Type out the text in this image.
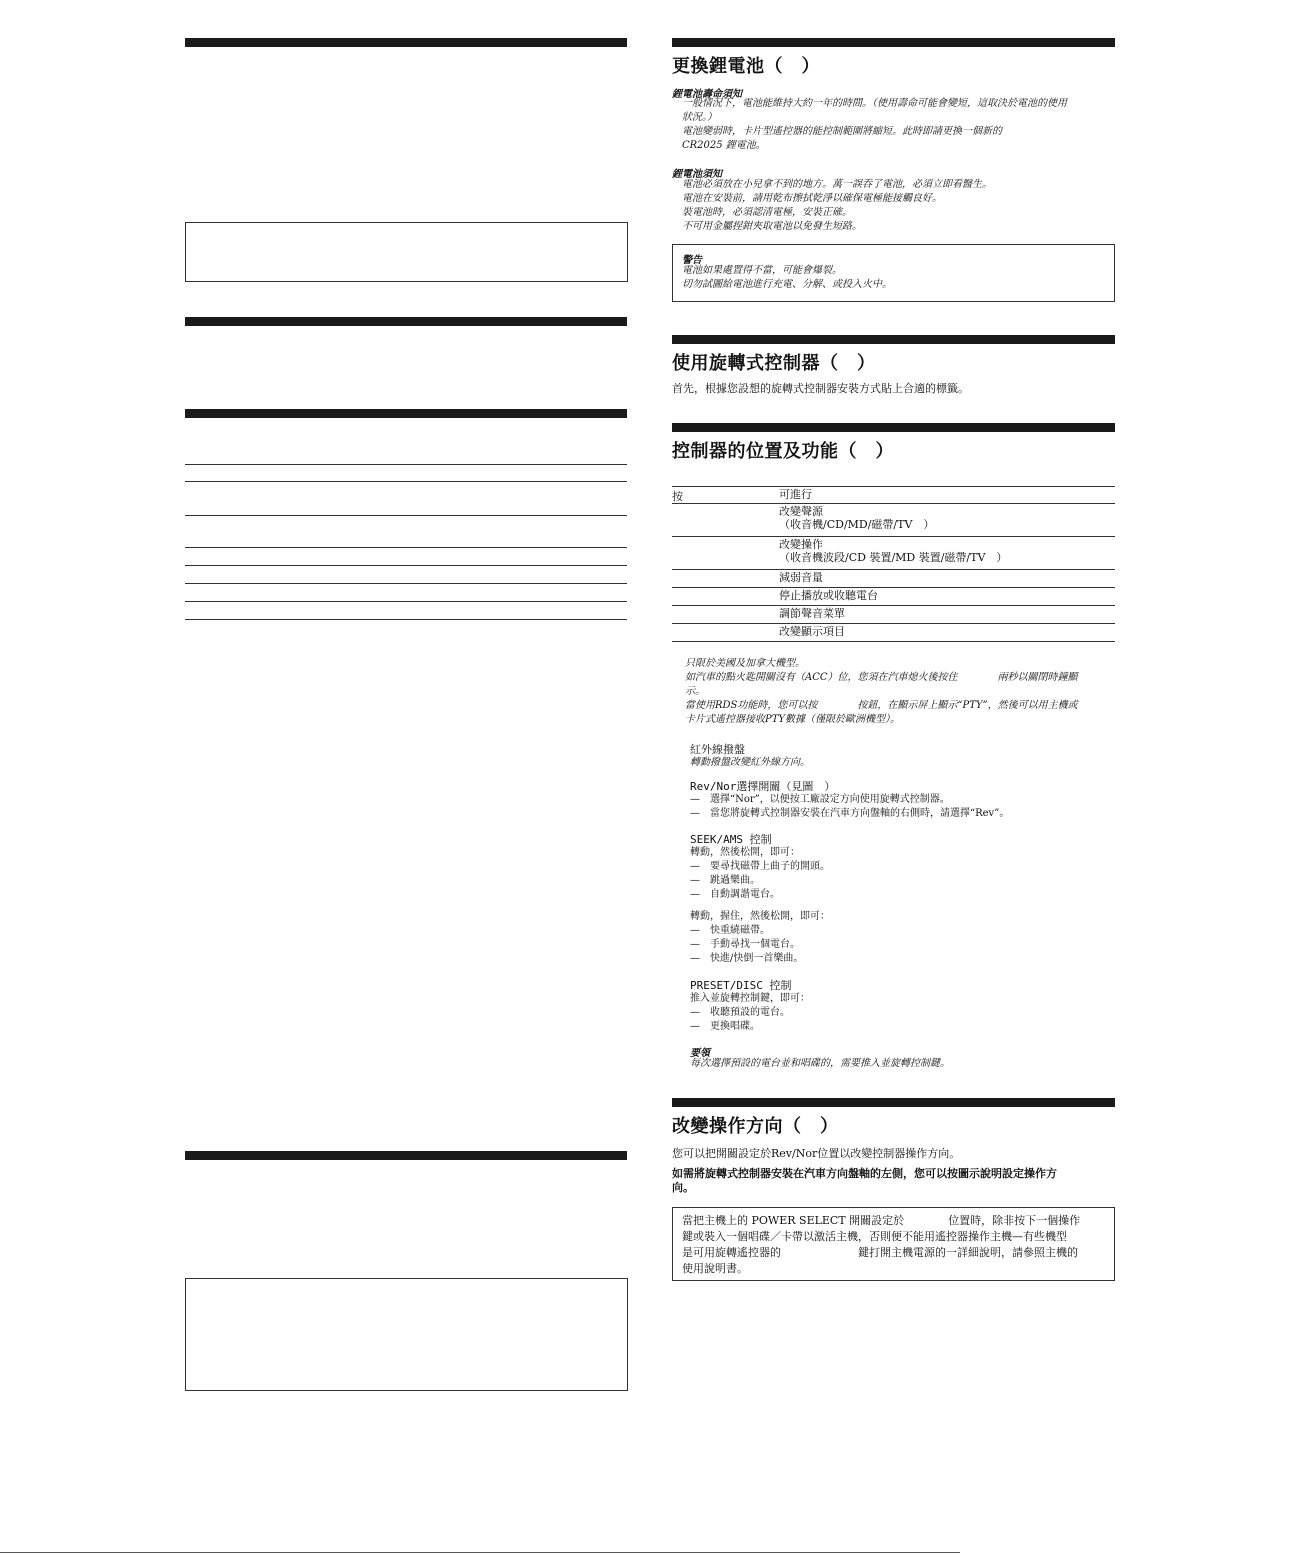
更換鋰電池（　）
鋰電池壽命須知
一般情況下，電池能維持大約一年的時間。（使用壽命可能會變短，這取決於電池的使用
狀況。）
電池變弱時，卡片型遙控器的能控制範圍將縮短。此時即請更換一個新的
CR2025 鋰電池。
鋰電池須知
電池必須放在小兒拿不到的地方。萬一誤吞了電池，必須立即看醫生。
電池在安裝前，請用乾布擦拭乾淨以確保電極能接觸良好。
裝電池時，必須認清電極，安裝正確。
不可用金屬捏鉗夾取電池以免發生短路。
警告
電池如果處置得不當，可能會爆裂。
切勿試圖給電池進行充電、分解、或投入火中。
使用旋轉式控制器（　）
首先，根據您設想的旋轉式控制器安裝方式貼上合適的標籤。
控制器的位置及功能（　）
按	可進行
改變聲源
（收音機/CD/MD/磁帶/TV　）
改變操作
（收音機波段/CD 裝置/MD 裝置/磁帶/TV　）
減弱音量
停止播放或收聽電台
調節聲音菜單
改變顯示項目
只限於美國及加拿大機型。
如汽車的點火匙開關沒有（ACC）位，您須在汽車熄火後按住　　　　兩秒以關閉時鐘顯
示。
當使用RDS功能時，您可以按　　　　按鈕，在顯示屏上顯示“PTY”，然後可以用主機或
卡片式遙控器接收PTY數據（僅限於歐洲機型）。
紅外線撥盤
轉動撥盤改變紅外線方向。
Rev/Nor選擇開關（見圖　）
—　選擇“Nor”，以便按工廠設定方向使用旋轉式控制器。
—　當您將旋轉式控制器安裝在汽車方向盤軸的右側時，請選擇“Rev”。
SEEK/AMS 控制
轉動，然後松開，即可：
—　要尋找磁帶上曲子的開頭。
—　跳過樂曲。
—　自動調諧電台。
轉動，握住，然後松開，即可：
—　快重繞磁帶。
—　手動尋找一個電台。
—　快進/快倒一首樂曲。
PRESET/DISC 控制
推入並旋轉控制鍵，即可：
—　收聽預設的電台。
—　更換唱碟。
要領
每次選擇預設的電台並和唱碟的，需要推入並旋轉控制鍵。
改變操作方向（　）
您可以把開關設定於Rev/Nor位置以改變控制器操作方向。
如需將旋轉式控制器安裝在汽車方向盤軸的左側，您可以按圖示說明設定操作方
向。
當把主機上的 POWER SELECT 開關設定於　　　　位置時，除非按下一個操作
鍵或裝入一個唱碟／卡帶以激活主機，否則便不能用遙控器操作主機—有些機型
是可用旋轉遙控器的　　　　　　　鍵打開主機電源的一詳細說明，請參照主機的
使用說明書。
